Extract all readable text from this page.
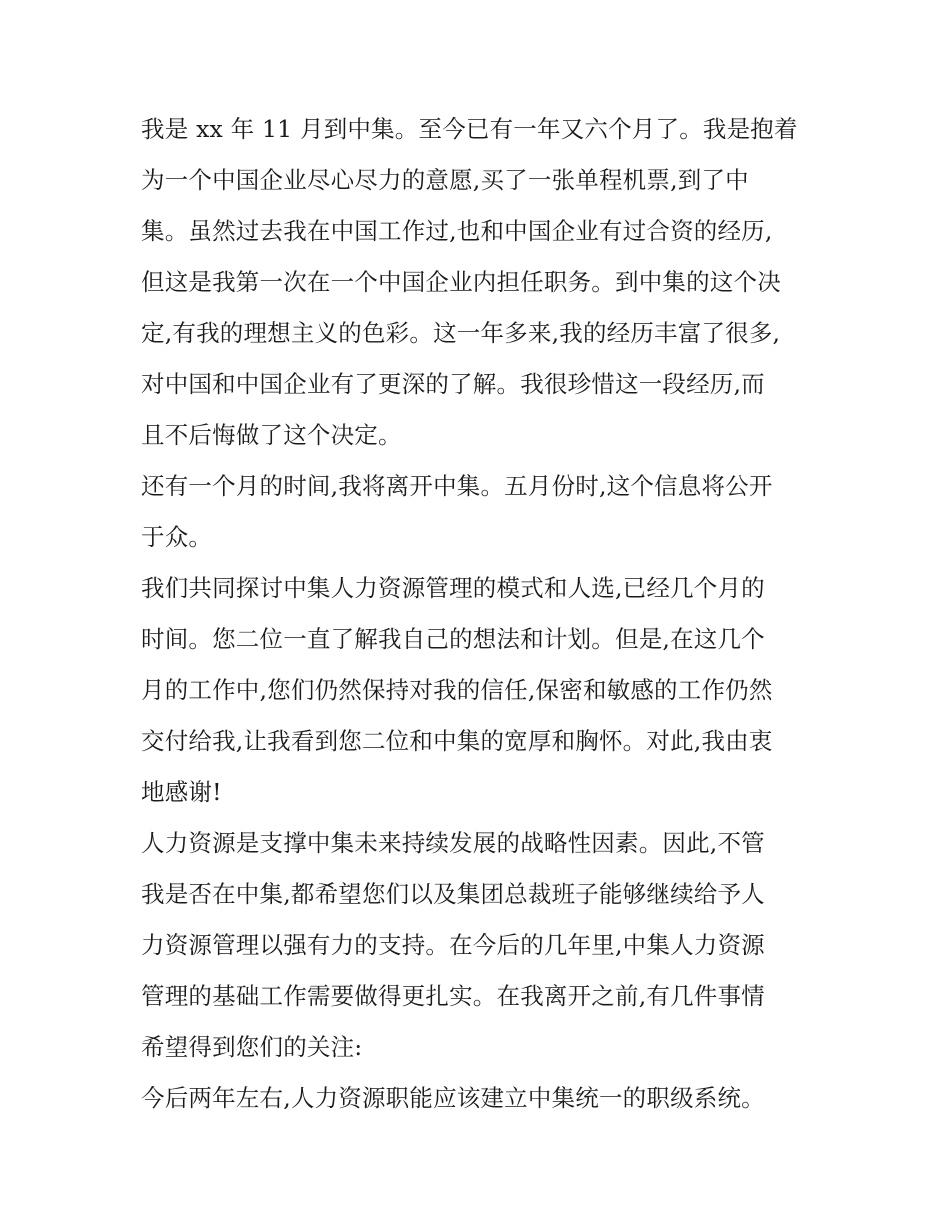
我是 xx 年 11 月到中集。至今已有一年又六个月了。我是抱着
为一个中国企业尽心尽力的意愿,买了一张单程机票,到了中
集。虽然过去我在中国工作过,也和中国企业有过合资的经历,
但这是我第一次在一个中国企业内担任职务。到中集的这个决
定,有我的理想主义的色彩。这一年多来,我的经历丰富了很多,
对中国和中国企业有了更深的了解。我很珍惜这一段经历,而
且不后悔做了这个决定。
还有一个月的时间,我将离开中集。五月份时,这个信息将公开
于众。
我们共同探讨中集人力资源管理的模式和人选,已经几个月的
时间。您二位一直了解我自己的想法和计划。但是,在这几个
月的工作中,您们仍然保持对我的信任,保密和敏感的工作仍然
交付给我,让我看到您二位和中集的宽厚和胸怀。对此,我由衷
地感谢!
人力资源是支撑中集未来持续发展的战略性因素。因此,不管
我是否在中集,都希望您们以及集团总裁班子能够继续给予人
力资源管理以强有力的支持。在今后的几年里,中集人力资源
管理的基础工作需要做得更扎实。在我离开之前,有几件事情
希望得到您们的关注:
今后两年左右,人力资源职能应该建立中集统一的职级系统。
